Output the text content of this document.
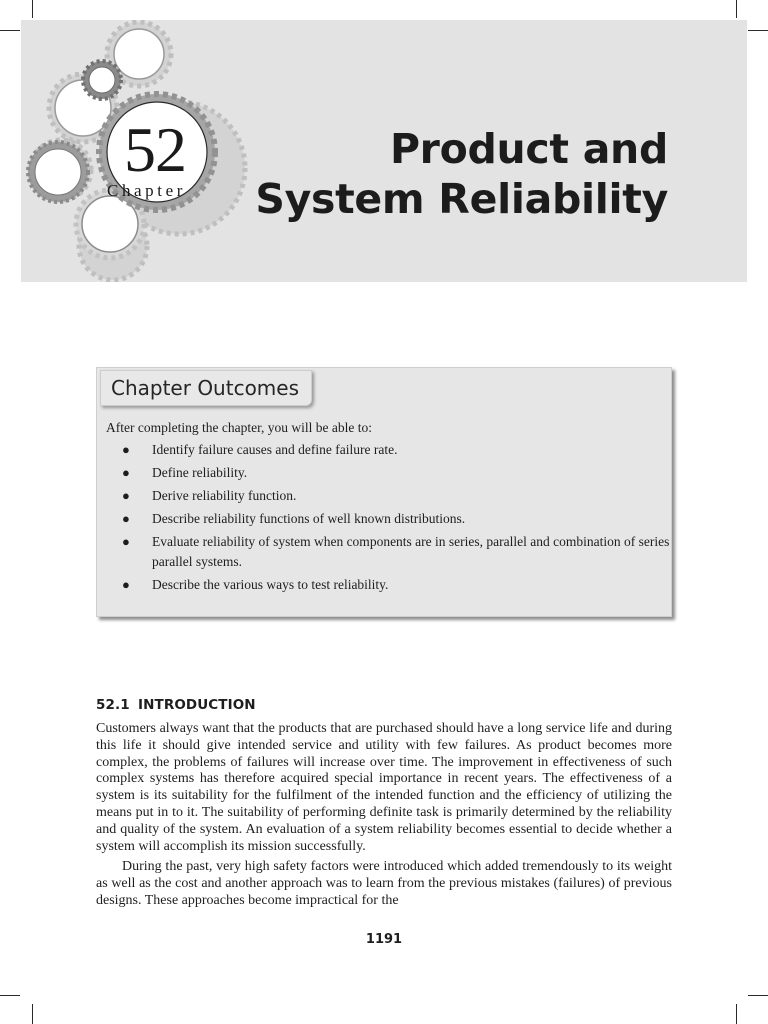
52
Chapter
Product and
System Reliability
Chapter Outcomes
After completing the chapter, you will be able to:
● Identify failure causes and define failure rate.
● Define reliability.
● Derive reliability function.
● Describe reliability functions of well known distributions.
● Evaluate reliability of system when components are in series, parallel and combination of series parallel systems.
● Describe the various ways to test reliability.
52.1 INTRODUCTION

Customers always want that the products that are purchased should have a long service life and during this life it should give intended service and utility with few failures. As product becomes more complex, the problems of failures will increase over time. The improvement in effectiveness of such complex systems has therefore acquired special importance in recent years. The effectiveness of a system is its suitability for the fulfilment of the intended function and the efficiency of utilizing the means put in to it. The suitability of performing definite task is primarily determined by the reliability and quality of the system. An evaluation of a system reliability becomes essential to decide whether a system will accomplish its mission successfully.

During the past, very high safety factors were introduced which added tremendously to its weight as well as the cost and another approach was to learn from the previous mistakes (failures) of previous designs. These approaches become impractical for the

1191
